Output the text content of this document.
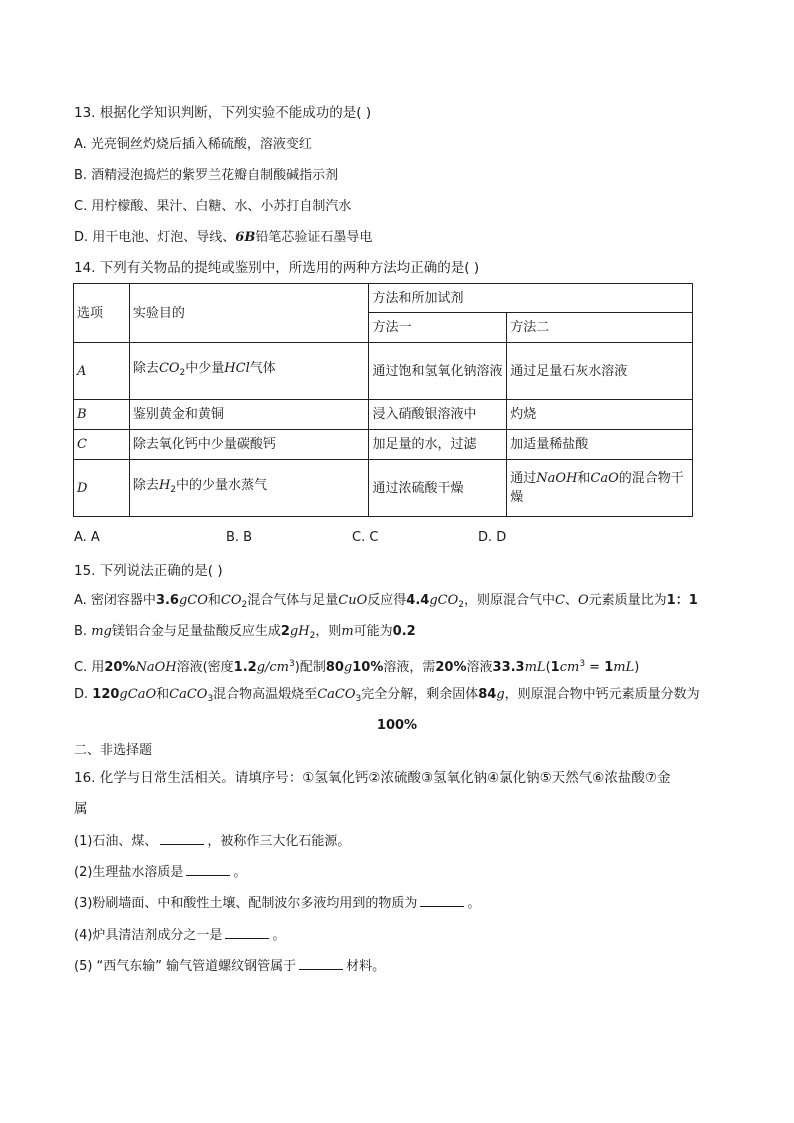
13. 根据化学知识判断，下列实验不能成功的是( )
A. 光亮铜丝灼烧后插入稀硫酸，溶液变红
B. 酒精浸泡捣烂的紫罗兰花瓣自制酸碱指示剂
C. 用柠檬酸、果汁、白糖、水、小苏打自制汽水
D. 用干电池、灯泡、导线、6B铅笔芯验证石墨导电
14. 下列有关物品的提纯或鉴别中，所选用的两种方法均正确的是( )
选项	实验目的	方法和所加试剂	
		方法一	方法二
A	除去$CO_2$中少量HCl气体	通过饱和氢氧化钠溶液	通过足量石灰水溶液
B	鉴别黄金和黄铜	浸入硝酸银溶液中	灼烧
C	除去氧化钙中少量碳酸钙	加足量的水，过滤	加适量稀盐酸
D	除去$H_2$中的少量水蒸气	通过浓硫酸干燥	通过NaOH和CaO的混合物干燥
A. A	B. B	C. C	D. D
15. 下列说法正确的是( )
A. 密闭容器中3.6gCO和$CO_2$混合气体与足量CuO反应得4.4gCO$_2$，则原混合气中C、O元素质量比为1：1
B. mg镁铝合金与足量盐酸反应生成$2gH_2$，则m可能为0.2
C. 用20%NaOH溶液(密度$1.2g/cm^3$)配制80g10%溶液，需20%溶液$33.3mL(1cm^3 = 1mL)$
D. 120gCaO和CaCO$_3$混合物高温煅烧至CaCO$_3$完全分解，剩余固体84g，则原混合物中钙元素质量分数为
100%
二、非选择题
16. 化学与日常生活相关。请填序号：①氢氧化钙②浓硫酸③氢氧化钠④氯化钠⑤天然气⑥浓盐酸⑦金
属
(1)石油、煤、	，被称作三大化石能源。
(2)生理盐水溶质是	。
(3)粉刷墙面、中和酸性土壤、配制波尔多液均用到的物质为	。
(4)炉具清洁剂成分之一是	。
(5) “西气东输” 输气管道螺纹钢管属于	材料。
